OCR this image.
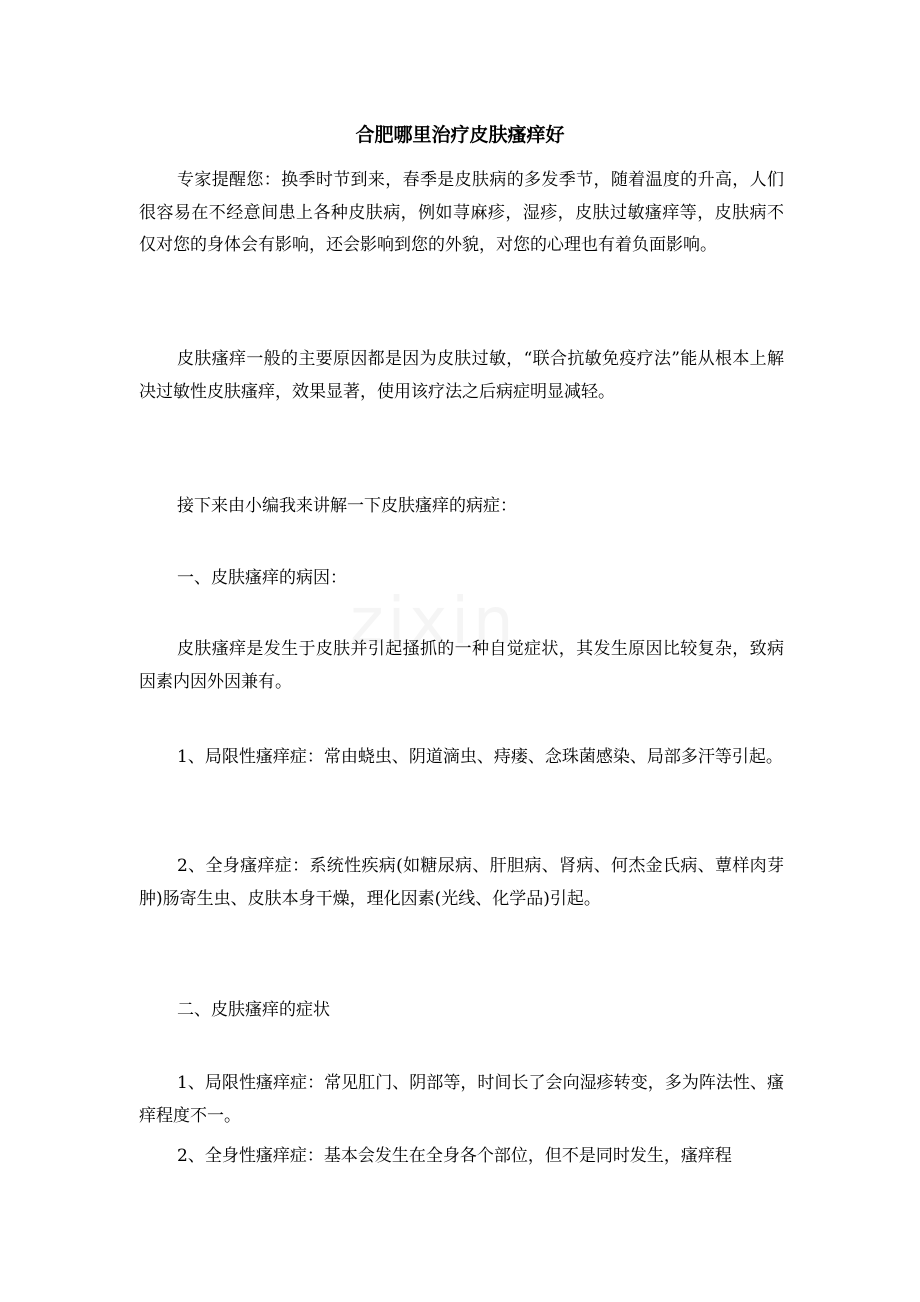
zixin
合肥哪里治疗皮肤瘙痒好

专家提醒您：换季时节到来，春季是皮肤病的多发季节，随着温度的升高，人们很容易在不经意间患上各种皮肤病，例如荨麻疹，湿疹，皮肤过敏瘙痒等，皮肤病不仅对您的身体会有影响，还会影响到您的外貌，对您的心理也有着负面影响。

皮肤瘙痒一般的主要原因都是因为皮肤过敏，“联合抗敏免疫疗法”能从根本上解决过敏性皮肤瘙痒，效果显著，使用该疗法之后病症明显减轻。

接下来由小编我来讲解一下皮肤瘙痒的病症：

一、皮肤瘙痒的病因：

皮肤瘙痒是发生于皮肤并引起搔抓的一种自觉症状，其发生原因比较复杂，致病因素内因外因兼有。

1、局限性瘙痒症：常由蛲虫、阴道滴虫、痔瘘、念珠菌感染、局部多汗等引起。

2、全身瘙痒症：系统性疾病(如糖尿病、肝胆病、肾病、何杰金氏病、蕈样肉芽肿)肠寄生虫、皮肤本身干燥，理化因素(光线、化学品)引起。

二、皮肤瘙痒的症状

1、局限性瘙痒症：常见肛门、阴部等，时间长了会向湿疹转变，多为阵法性、瘙痒程度不一。

2、全身性瘙痒症：基本会发生在全身各个部位，但不是同时发生，瘙痒程
